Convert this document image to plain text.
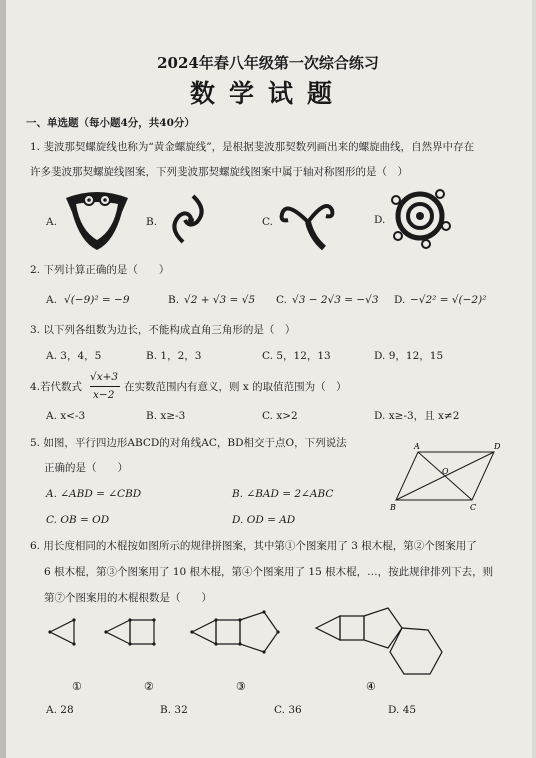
2024年春八年级第一次综合练习
数学试题
一、单选题（每小题4分，共40分）
1. 斐波那契螺旋线也称为“黄金螺旋线”，是根据斐波那契数列画出来的螺旋曲线，自然界中存在
许多斐波那契螺旋线图案，下列斐波那契螺旋线图案中属于轴对称图形的是（　）
A.	B.	C.	D.
2. 下列计算正确的是（　　）
A. √(−9)² = −9	B. √2 + √3 = √5 C. √3 − 2√3 = −√3 D. −√2² = √(−2)²
3. 以下列各组数为边长，不能构成直角三角形的是（　）
A. 3，4，5	B. 1，2，3	C. 5，12，13	D. 9，12，15
4.若代数式
√x+3
x−2
在实数范围内有意义，则 x 的取值范围为（　）
A. x<-3	B. x≥-3	C. x>2	D. x≥-3，且 x≠2
5. 如图，平行四边形ABCD的对角线AC，BD相交于点O，下列说法
正确的是（　　）
A. ∠ABD = ∠CBD	B. ∠BAD = 2∠ABC
C. OB = OD	D. OD = AD
A	D
O
B	C
6. 用长度相同的木棍按如图所示的规律拼图案，其中第①个图案用了 3 根木棍，第②个图案用了
6 根木棍，第③个图案用了 10 根木棍，第④个图案用了 15 根木棍，…，按此规律排列下去，则
第⑦个图案用的木棍根数是（　　）
①	②	③	④
A. 28	B. 32	C. 36	D. 45
